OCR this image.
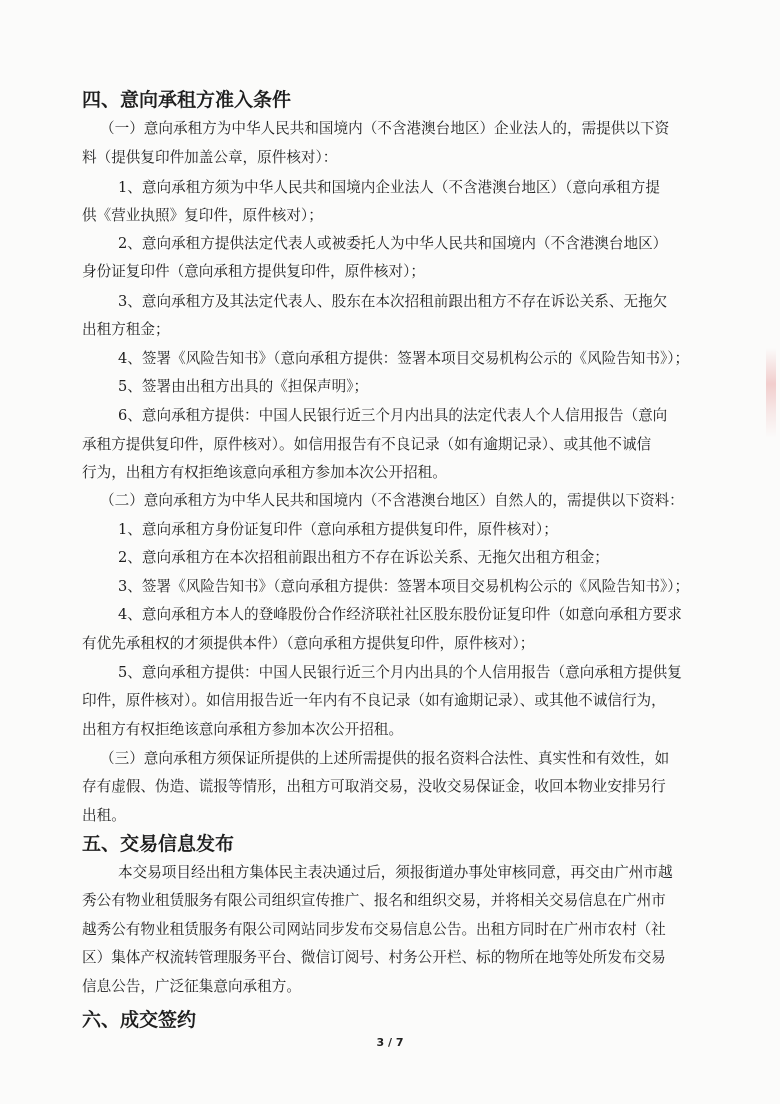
四、意向承租方准入条件

（一）意向承租方为中华人民共和国境内（不含港澳台地区）企业法人的，需提供以下资

料（提供复印件加盖公章，原件核对）：

1、意向承租方须为中华人民共和国境内企业法人（不含港澳台地区）（意向承租方提

供《营业执照》复印件，原件核对）；

2、意向承租方提供法定代表人或被委托人为中华人民共和国境内（不含港澳台地区）

身份证复印件（意向承租方提供复印件，原件核对）；

3、意向承租方及其法定代表人、股东在本次招租前跟出租方不存在诉讼关系、无拖欠

出租方租金；

4、签署《风险告知书》（意向承租方提供：签署本项目交易机构公示的《风险告知书》）；

5、签署由出租方出具的《担保声明》；

6、意向承租方提供：中国人民银行近三个月内出具的法定代表人个人信用报告（意向

承租方提供复印件，原件核对）。如信用报告有不良记录（如有逾期记录）、或其他不诚信

行为，出租方有权拒绝该意向承租方参加本次公开招租。

（二）意向承租方为中华人民共和国境内（不含港澳台地区）自然人的，需提供以下资料：

1、意向承租方身份证复印件（意向承租方提供复印件，原件核对）；

2、意向承租方在本次招租前跟出租方不存在诉讼关系、无拖欠出租方租金；

3、签署《风险告知书》（意向承租方提供：签署本项目交易机构公示的《风险告知书》）；

4、意向承租方本人的登峰股份合作经济联社社区股东股份证复印件（如意向承租方要求

有优先承租权的才须提供本件）（意向承租方提供复印件，原件核对）；

5、意向承租方提供：中国人民银行近三个月内出具的个人信用报告（意向承租方提供复

印件，原件核对）。如信用报告近一年内有不良记录（如有逾期记录）、或其他不诚信行为，

出租方有权拒绝该意向承租方参加本次公开招租。

（三）意向承租方须保证所提供的上述所需提供的报名资料合法性、真实性和有效性，如

存有虚假、伪造、谎报等情形，出租方可取消交易，没收交易保证金，收回本物业安排另行

出租。

五、交易信息发布

本交易项目经出租方集体民主表决通过后，须报街道办事处审核同意，再交由广州市越

秀公有物业租赁服务有限公司组织宣传推广、报名和组织交易，并将相关交易信息在广州市

越秀公有物业租赁服务有限公司网站同步发布交易信息公告。出租方同时在广州市农村（社

区）集体产权流转管理服务平台、微信订阅号、村务公开栏、标的物所在地等处所发布交易

信息公告，广泛征集意向承租方。

六、成交签约
3 / 7
